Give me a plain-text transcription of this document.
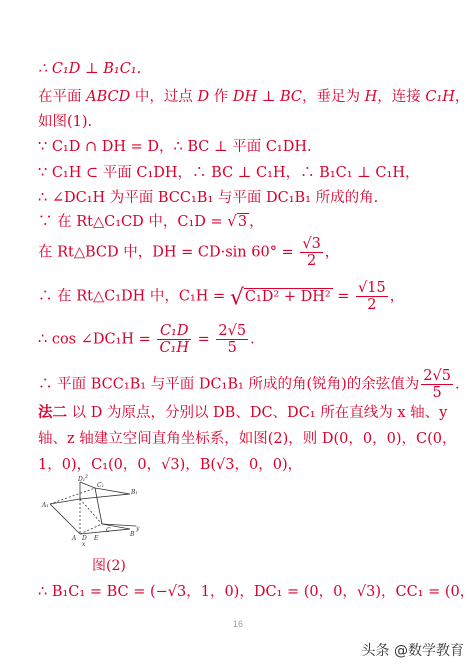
∴ C₁D ⊥ B₁C₁.
在平面 ABCD 中，过点 D 作 DH ⊥ BC，垂足为 H，连接 C₁H，
如图(1).
∵ C₁D ∩ DH = D，∴ BC ⊥ 平面 C₁DH.
∵ C₁H ⊂ 平面 C₁DH，∴ BC ⊥ C₁H，∴ B₁C₁ ⊥ C₁H，
∴ ∠DC₁H 为平面 BCC₁B₁ 与平面 DC₁B₁ 所成的角.
∵ 在 Rt△C₁CD 中，C₁D = √3 ，
在 Rt△BCD 中，DH = CD·sin $60^\circ = \frac{√3}{2}$ ，
∴ 在 Rt△C₁DH 中，$C_1H = √C_1D^2 + DH^2 = \frac{√15}{2}$ ，
∴ cos ∠DC₁H = $\frac{\text{C₁D}}{\text{C₁H}} = \frac{2√5}{5}$ .
∴ 平面 BCC₁B₁ 与平面 DC₁B₁ 所成的角(锐角)的余弦值为 $\frac{2√5}{5}$ .
法二 以 D 为原点，分别以 DB、DC、DC₁ 所在直线为 x 轴、y
轴、z 轴建立空间直角坐标系，如图(2)，则 D(0，0，0)，C(0，
1，0)，C₁(0，0，√3)，B(√3，0，0)，
A₁
D₁
C₁
B₁
A D E
C
B
y
x
z
图(2)
∴ B₁C₁ = BC = (−√3，1，0)，DC₁ = (0，0，√3)，CC₁ = (0，
16
头条 @数学教育
